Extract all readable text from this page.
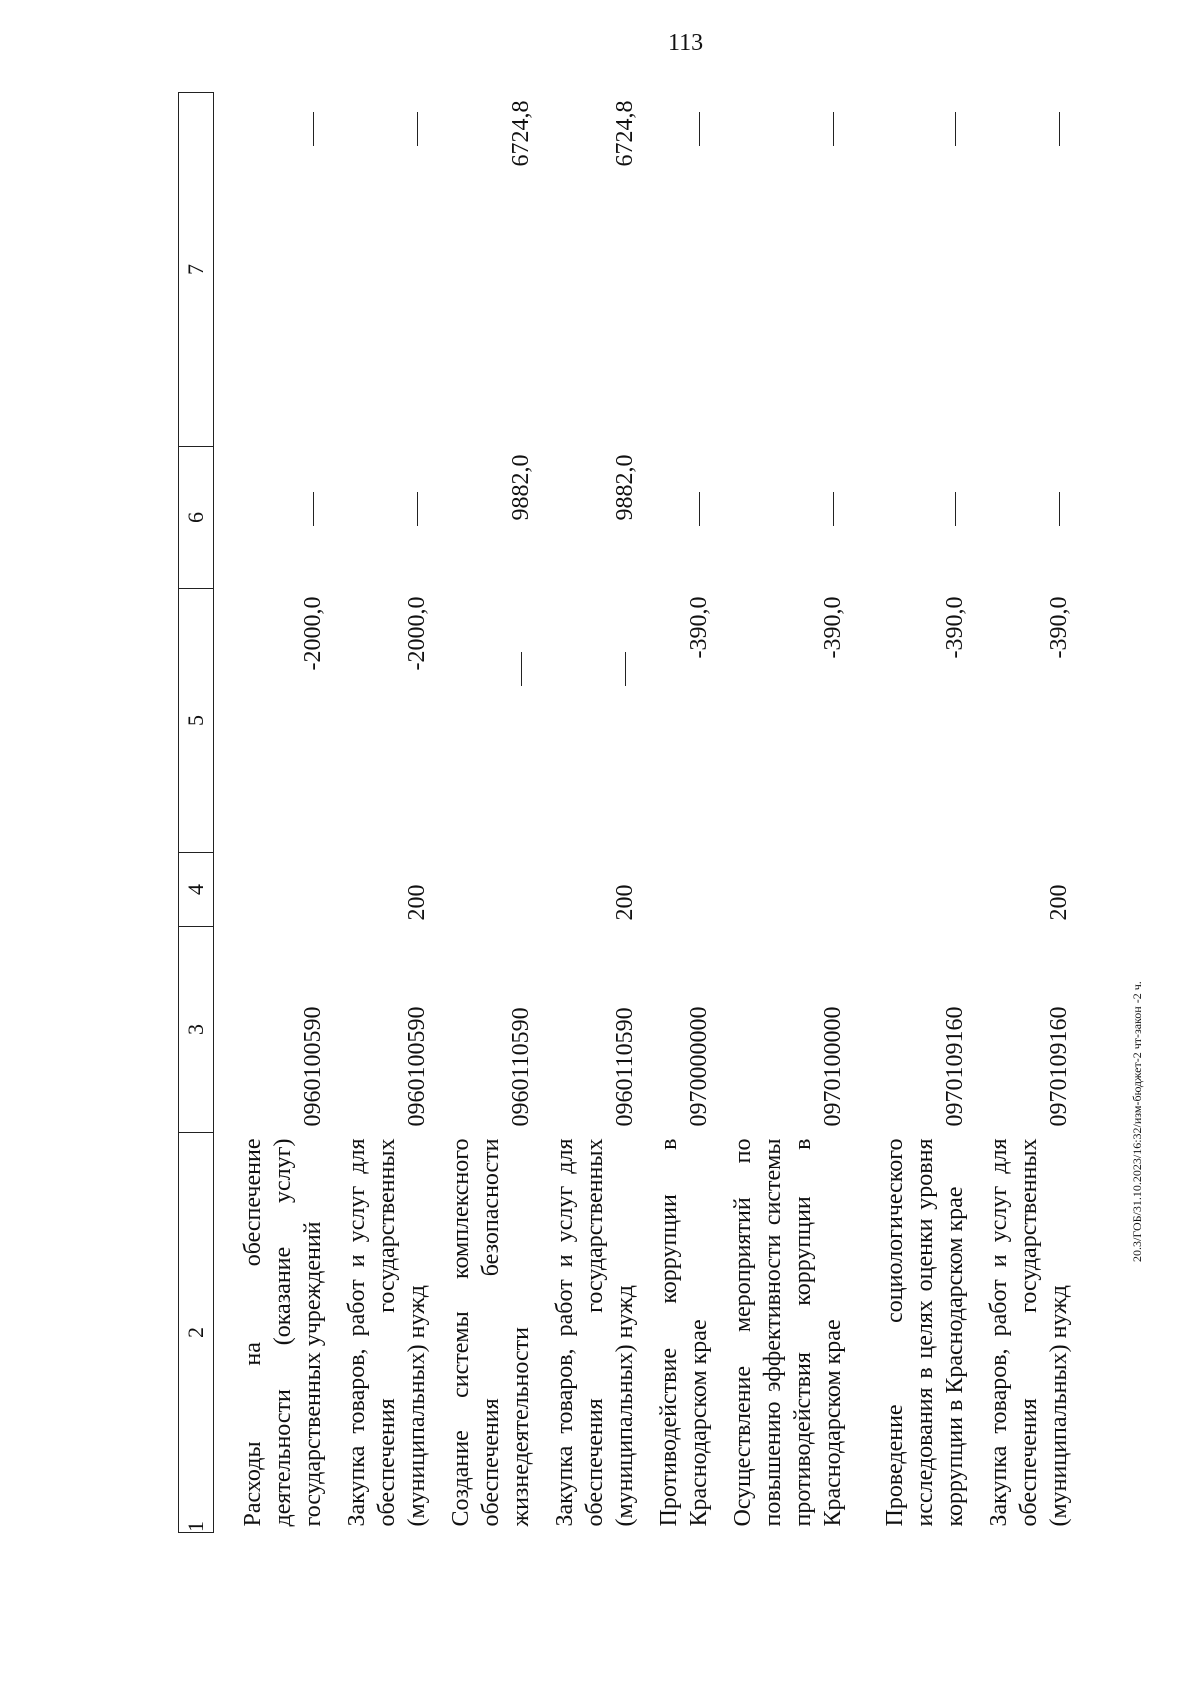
113
20.3/ГОБ/31.10.2023/16:32/изм-бюджет-2 чт-закон -2 ч.
1	2	3	4	5	6	7
	Расходы на обеспечение деятельности (оказание услуг) государственных учреждений	0960100590		-2000,0		
	Закупка товаров, работ и услуг для обеспечения государственных (муниципальных) нужд	0960100590	200	-2000,0		
	Создание системы комплексного обеспечения безопасности жизнедеятельности	0960110590			9882,0	6724,8
	Закупка товаров, работ и услуг для обеспечения государственных (муниципальных) нужд	0960110590	200		9882,0	6724,8
	Противодействие коррупции в Краснодарском крае	0970000000		-390,0		
	Осуществление мероприятий по повышению эффективности системы противодействия коррупции в Краснодарском крае	0970100000		-390,0		
	Проведение социологического исследования в целях оценки уровня коррупции в Краснодарском крае	0970109160		-390,0		
	Закупка товаров, работ и услуг для обеспечения государственных (муниципальных) нужд	0970109160	200	-390,0		
